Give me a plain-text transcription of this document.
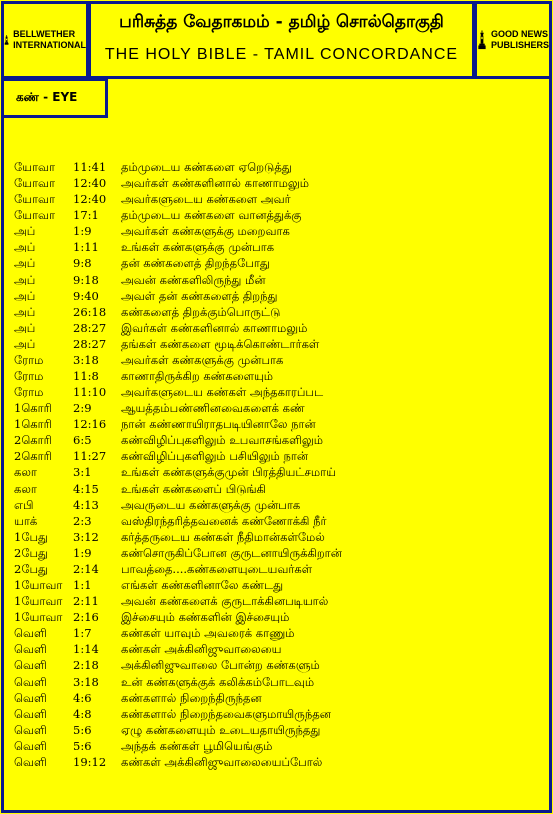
BELLWETHER
INTERNATIONAL
பரிசுத்த வேதாகமம் - தமிழ் சொல்தொகுதி
THE HOLY BIBLE - TAMIL CONCORDANCE
GOOD NEWS
PUBLISHERS
கண் - EYE
யோவா	11:41	தம்முடைய கண்களை ஏறெடுத்து
யோவா	12:40	அவர்கள் கண்களினால் காணாமலும்
யோவா	12:40	அவர்களுடைய கண்களை அவர்
யோவா	17:1	தம்முடைய கண்களை வானத்துக்கு
அப்	1:9	அவர்கள் கண்களுக்கு மறைவாக
அப்	1:11	உங்கள் கண்களுக்கு முன்பாக
அப்	9:8	தன் கண்களைத் திறந்தபோது
அப்	9:18	அவன் கண்களிலிருந்து மீன்
அப்	9:40	அவள் தன் கண்களைத் திறந்து
அப்	26:18	கண்களைத் திறக்கும்பொருட்டு
அப்	28:27	இவர்கள் கண்களினால் காணாமலும்
அப்	28:27	தங்கள் கண்களை மூடிக்கொண்டார்கள்
ரோம	3:18	அவர்கள் கண்களுக்கு முன்பாக
ரோம	11:8	காணாதிருக்கிற கண்களையும்
ரோம	11:10	அவர்களுடைய கண்கள் அந்தகாரப்பட
1கொரி	2:9	ஆயத்தம்பண்ணினவைகளைக் கண்
1கொரி	12:16	நான் கண்ணாயிராதபடியினாலே நான்
2கொரி	6:5	கண்விழிப்புகளிலும் உபவாசங்களிலும்
2கொரி	11:27	கண்விழிப்புகளிலும் பசியிலும் நான்
கலா	3:1	உங்கள் கண்களுக்குமுன் பிரத்தியட்சமாய்
கலா	4:15	உங்கள் கண்களைப் பிடுங்கி
எபி	4:13	அவருடைய கண்களுக்கு முன்பாக
யாக்	2:3	வஸ்திரந்தரித்தவனைக் கண்ணோக்கி நீர்
1பேது	3:12	கர்த்தருடைய கண்கள் நீதிமான்கள்மேல்
2பேது	1:9	கண்சொருகிப்போன குருடனாயிருக்கிறான்
2பேது	2:14	பாவத்தை....கண்களையுடையவர்கள்
1யோவா 1:1	எங்கள் கண்களினாலே கண்டது
1யோவா 2:11	அவன் கண்களைக் குருடாக்கினபடியால்
1யோவா 2:16	இச்சையும் கண்களின் இச்சையும்
வெளி	1:7	கண்கள் யாவும் அவரைக் காணும்
வெளி	1:14	கண்கள் அக்கினிஜுவாலையை
வெளி	2:18	அக்கினிஜுவாலை போன்ற கண்களும்
வெளி	3:18	உன் கண்களுக்குக் கலிக்கம்போடவும்
வெளி	4:6	கண்களால் நிறைந்திருந்தன
வெளி	4:8	கண்களால் நிறைந்தவைகளுமாயிருந்தன
வெளி	5:6	ஏழு கண்களையும் உடையதாயிருந்தது
வெளி	5:6	அந்தக் கண்கள் பூமியெங்கும்
வெளி	19:12	கண்கள் அக்கினிஜுவாலையைப்போல்
